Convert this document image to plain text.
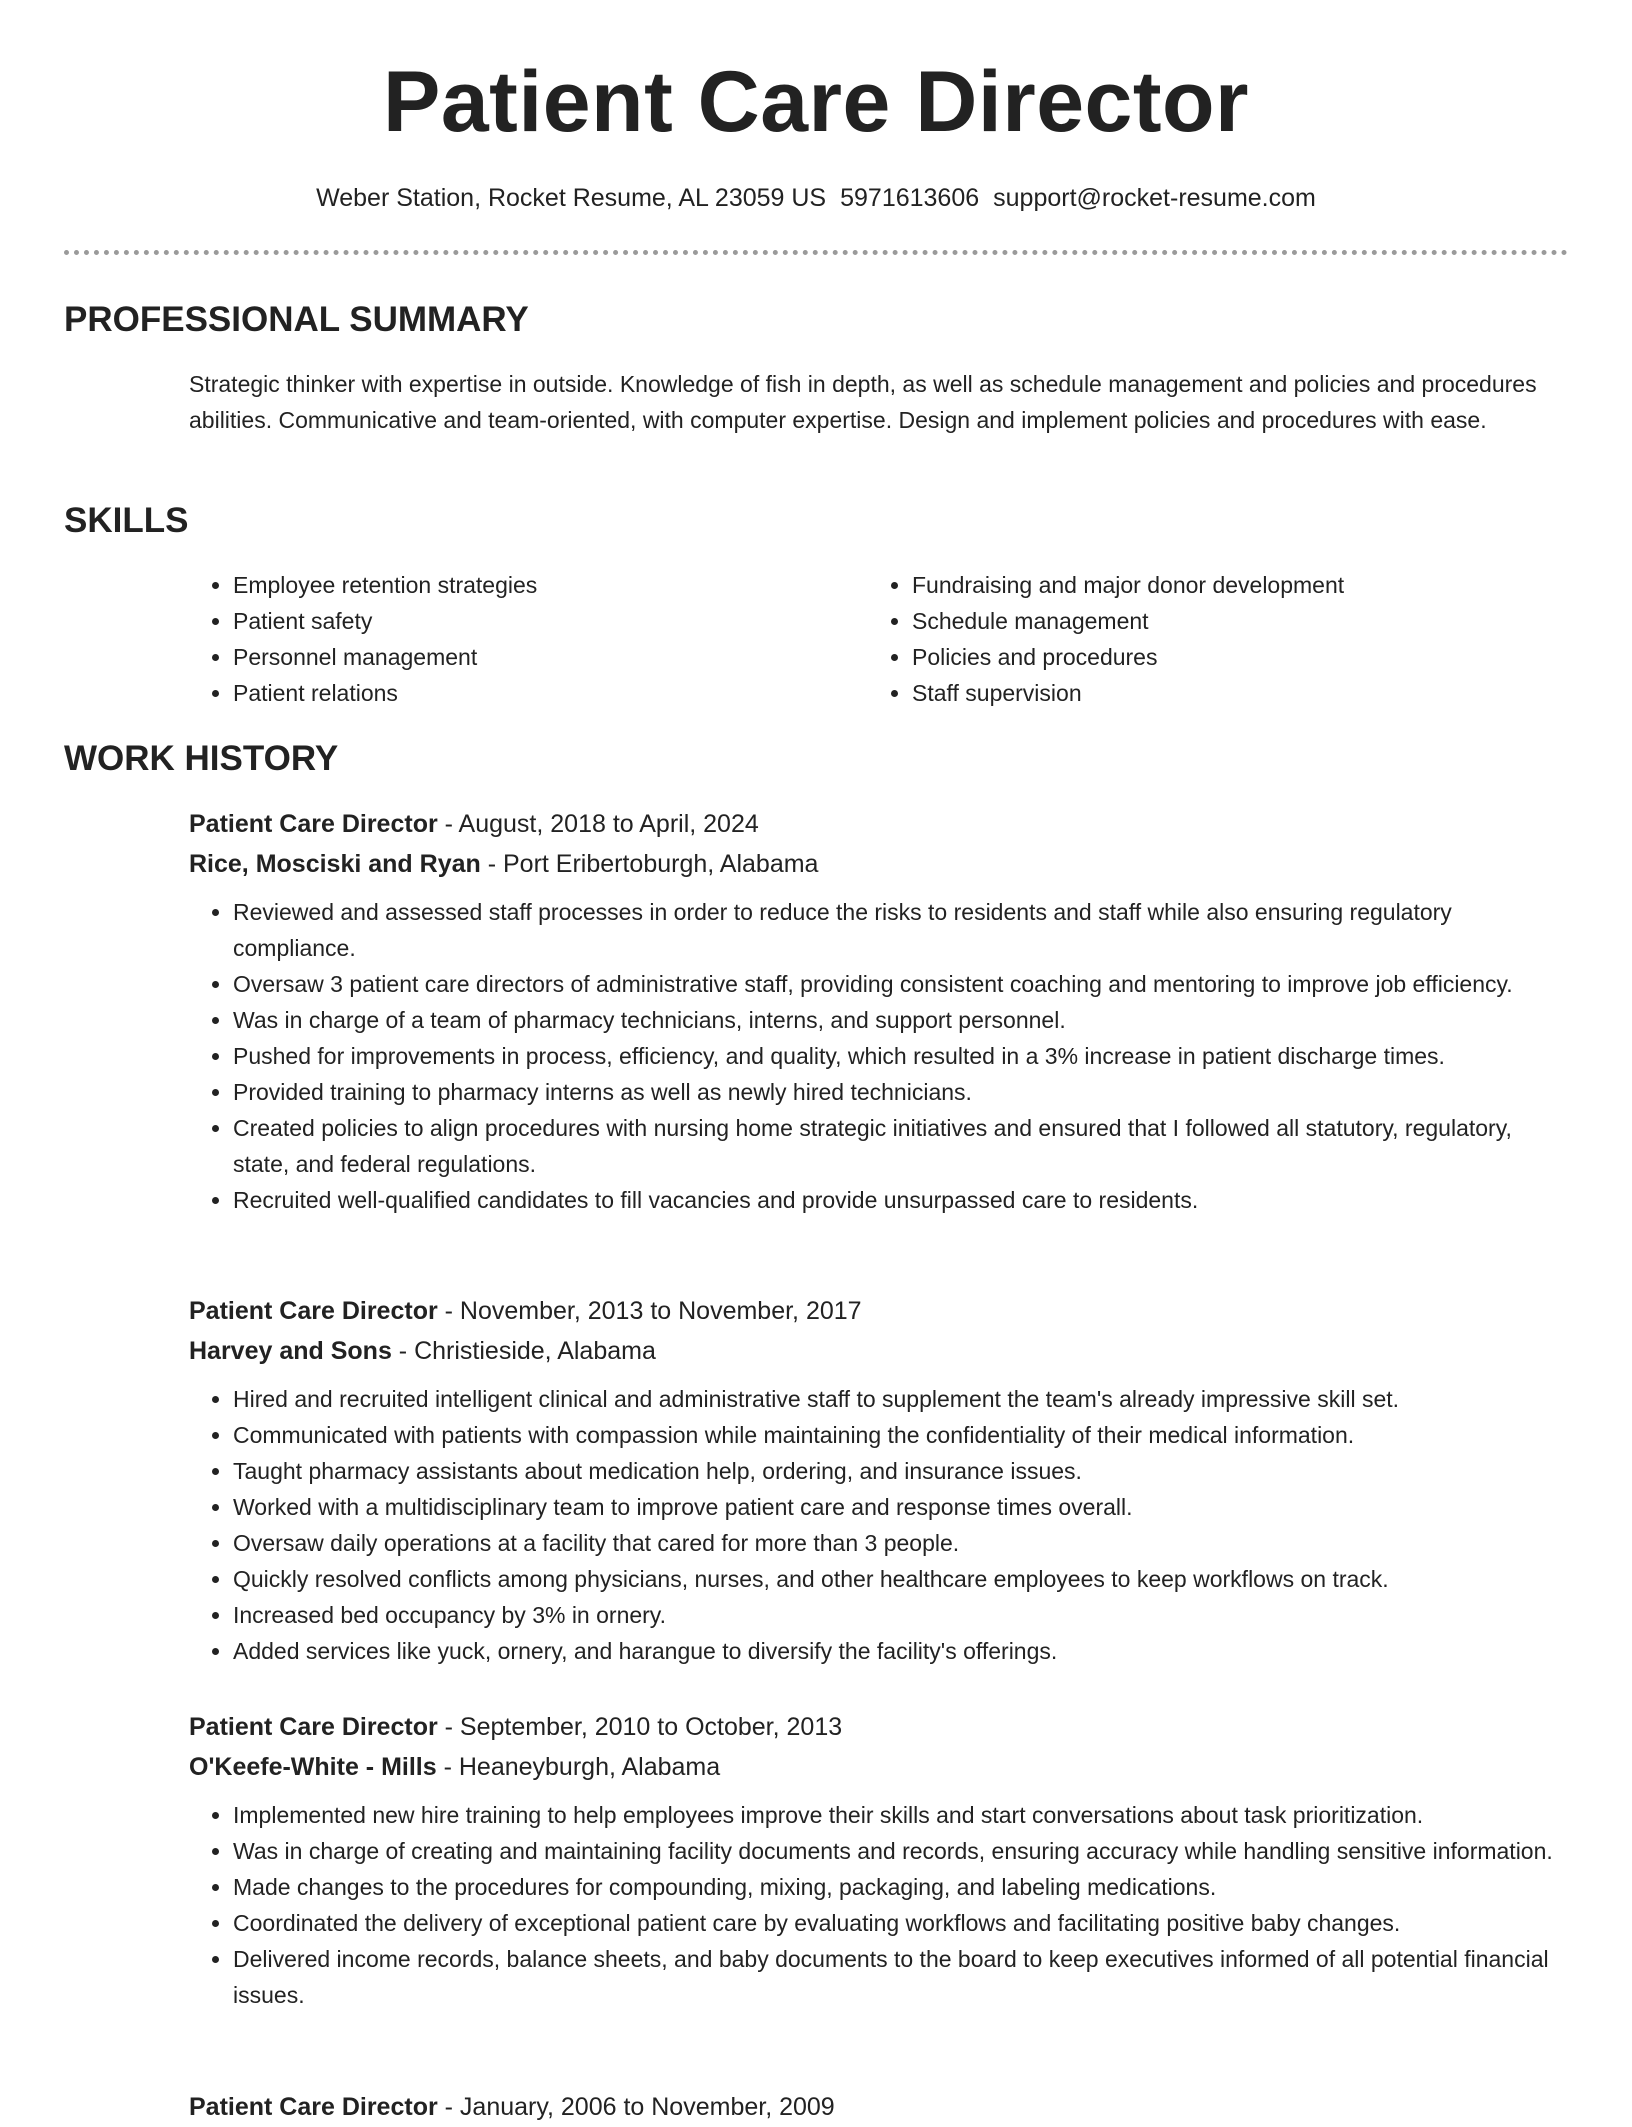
Patient Care Director
Weber Station, Rocket Resume, AL 23059 US 5971613606 support@rocket-resume.com
PROFESSIONAL SUMMARY

Strategic thinker with expertise in outside. Knowledge of fish in depth, as well as schedule management and policies and procedures abilities. Communicative and team-oriented, with computer expertise. Design and implement policies and procedures with ease.

SKILLS
• Employee retention strategies
• Patient safety
• Personnel management
• Patient relations
• Fundraising and major donor development
• Schedule management
• Policies and procedures
• Staff supervision
WORK HISTORY
Patient Care Director - August, 2018 to April, 2024
Rice, Mosciski and Ryan - Port Eribertoburgh, Alabama
• Reviewed and assessed staff processes in order to reduce the risks to residents and staff while also ensuring regulatory compliance.
• Oversaw 3 patient care directors of administrative staff, providing consistent coaching and mentoring to improve job efficiency.
• Was in charge of a team of pharmacy technicians, interns, and support personnel.
• Pushed for improvements in process, efficiency, and quality, which resulted in a 3% increase in patient discharge times.
• Provided training to pharmacy interns as well as newly hired technicians.
• Created policies to align procedures with nursing home strategic initiatives and ensured that I followed all statutory, regulatory, state, and federal regulations.
• Recruited well-qualified candidates to fill vacancies and provide unsurpassed care to residents.
Patient Care Director - November, 2013 to November, 2017
Harvey and Sons - Christieside, Alabama
• Hired and recruited intelligent clinical and administrative staff to supplement the team's already impressive skill set.
• Communicated with patients with compassion while maintaining the confidentiality of their medical information.
• Taught pharmacy assistants about medication help, ordering, and insurance issues.
• Worked with a multidisciplinary team to improve patient care and response times overall.
• Oversaw daily operations at a facility that cared for more than 3 people.
• Quickly resolved conflicts among physicians, nurses, and other healthcare employees to keep workflows on track.
• Increased bed occupancy by 3% in ornery.
• Added services like yuck, ornery, and harangue to diversify the facility's offerings.
Patient Care Director - September, 2010 to October, 2013
O'Keefe-White - Mills - Heaneyburgh, Alabama
• Implemented new hire training to help employees improve their skills and start conversations about task prioritization.
• Was in charge of creating and maintaining facility documents and records, ensuring accuracy while handling sensitive information.
• Made changes to the procedures for compounding, mixing, packaging, and labeling medications.
• Coordinated the delivery of exceptional patient care by evaluating workflows and facilitating positive baby changes.
• Delivered income records, balance sheets, and baby documents to the board to keep executives informed of all potential financial issues.
Patient Care Director - January, 2006 to November, 2009
